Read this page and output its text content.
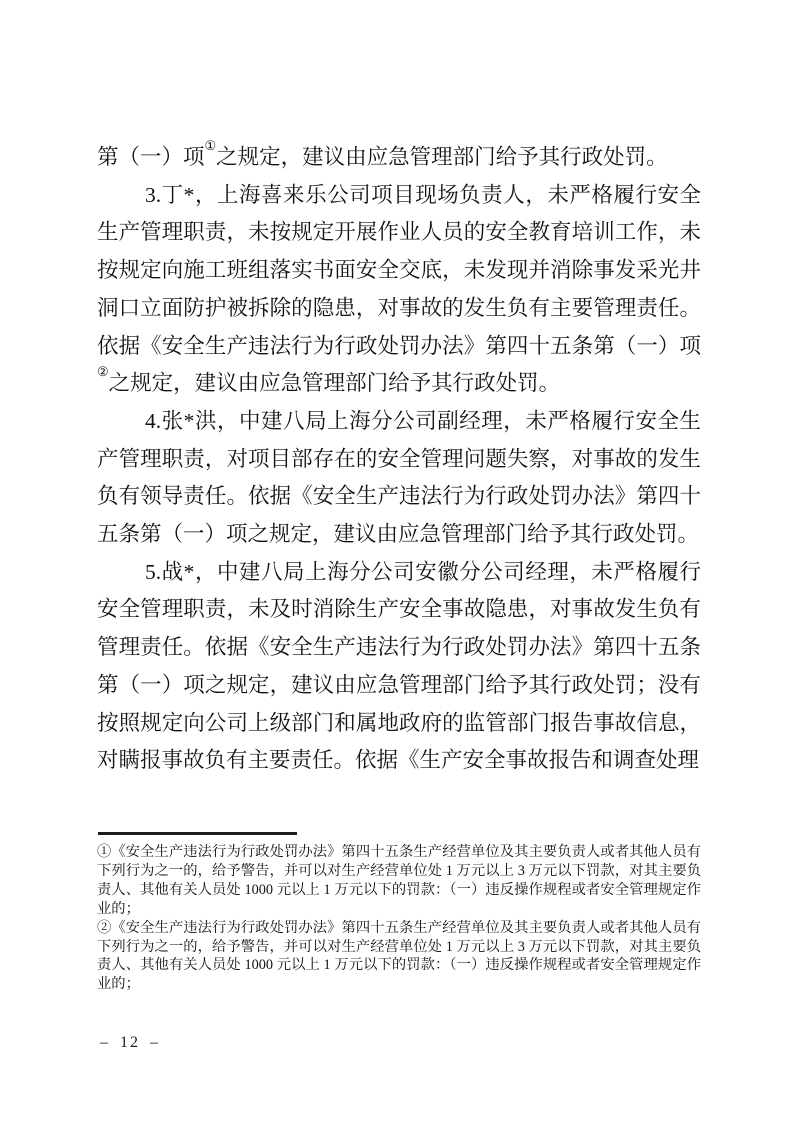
第（一）项①之规定，建议由应急管理部门给予其行政处罚。

3.丁*，上海喜来乐公司项目现场负责人，未严格履行安全生产管理职责，未按规定开展作业人员的安全教育培训工作，未按规定向施工班组落实书面安全交底，未发现并消除事发采光井洞口立面防护被拆除的隐患，对事故的发生负有主要管理责任。依据《安全生产违法行为行政处罚办法》第四十五条第（一）项②之规定，建议由应急管理部门给予其行政处罚。

4.张*洪，中建八局上海分公司副经理，未严格履行安全生产管理职责，对项目部存在的安全管理问题失察，对事故的发生负有领导责任。依据《安全生产违法行为行政处罚办法》第四十五条第（一）项之规定，建议由应急管理部门给予其行政处罚。

5.战*，中建八局上海分公司安徽分公司经理，未严格履行安全管理职责，未及时消除生产安全事故隐患，对事故发生负有管理责任。依据《安全生产违法行为行政处罚办法》第四十五条第（一）项之规定，建议由应急管理部门给予其行政处罚；没有按照规定向公司上级部门和属地政府的监管部门报告事故信息，对瞒报事故负有主要责任。依据《生产安全事故报告和调查处理

①《安全生产违法行为行政处罚办法》第四十五条生产经营单位及其主要负责人或者其他人员有下列行为之一的，给予警告，并可以对生产经营单位处 1 万元以上 3 万元以下罚款，对其主要负责人、其他有关人员处 1000 元以上 1 万元以下的罚款：（一）违反操作规程或者安全管理规定作业的；

②《安全生产违法行为行政处罚办法》第四十五条生产经营单位及其主要负责人或者其他人员有下列行为之一的，给予警告，并可以对生产经营单位处 1 万元以上 3 万元以下罚款，对其主要负责人、其他有关人员处 1000 元以上 1 万元以下的罚款：（一）违反操作规程或者安全管理规定作业的；

– 12 –
